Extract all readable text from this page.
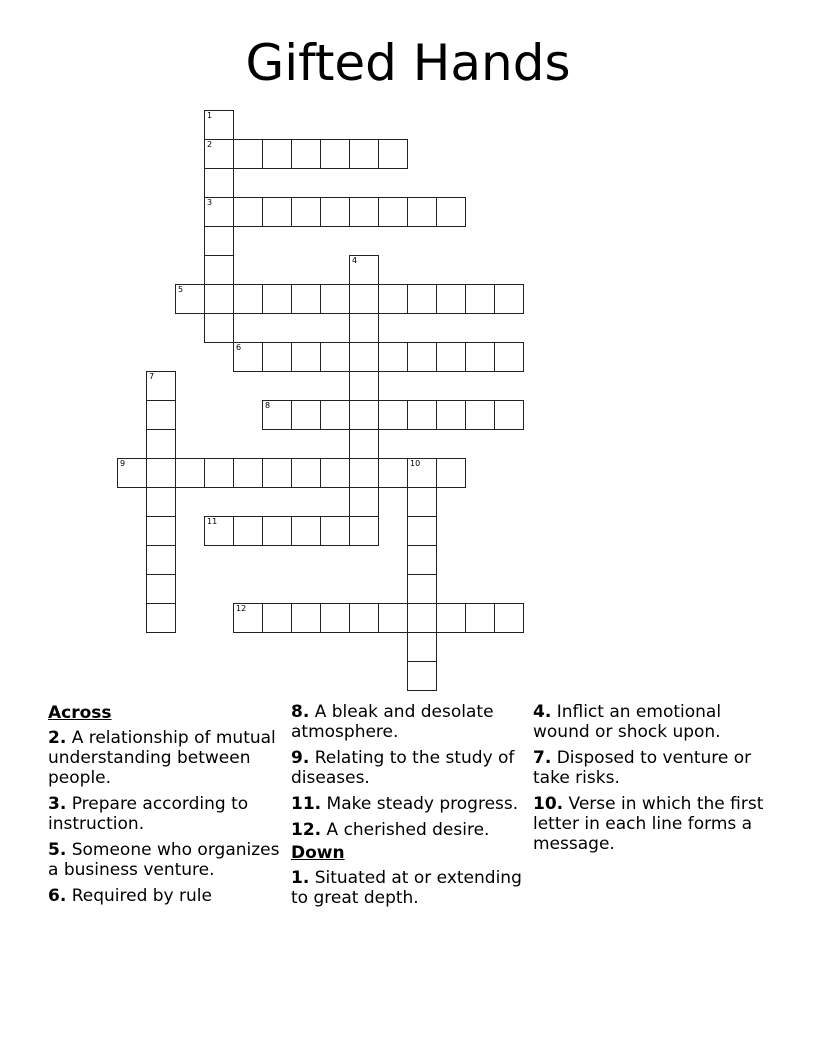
Gifted Hands
1
2
3
4
5
6
7
8
9	10
11
12
Across
2. A relationship of mutual understanding between people.
3. Prepare according to instruction.
5. Someone who organizes a business venture.
6. Required by rule
8. A bleak and desolate atmosphere.
9. Relating to the study of diseases.
11. Make steady progress.
12. A cherished desire.
Down
1. Situated at or extending to great depth.
4. Inflict an emotional wound or shock upon.
7. Disposed to venture or take risks.
10. Verse in which the first letter in each line forms a message.
